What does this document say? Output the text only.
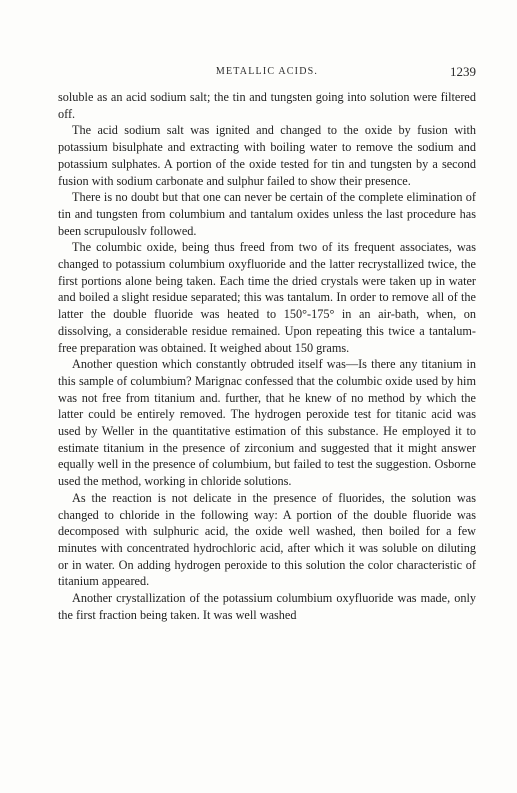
METALLIC ACIDS.	1239

soluble as an acid sodium salt; the tin and tungsten going into solution were filtered off.

The acid sodium salt was ignited and changed to the oxide by fusion with potassium bisulphate and extracting with boiling water to remove the sodium and potassium sulphates. A portion of the oxide tested for tin and tungsten by a second fusion with sodium carbonate and sulphur failed to show their presence.

There is no doubt but that one can never be certain of the complete elimination of tin and tungsten from columbium and tantalum oxides unless the last procedure has been scrupulouslv followed.

The columbic oxide, being thus freed from two of its frequent associates, was changed to potassium columbium oxyfluoride and the latter recrystallized twice, the first portions alone being taken. Each time the dried crystals were taken up in water and boiled a slight residue separated; this was tantalum. In order to remove all of the latter the double fluoride was heated to 150°-175° in an air-bath, when, on dissolving, a considerable residue remained. Upon repeating this twice a tantalum-free preparation was obtained. It weighed about 150 grams.

Another question which constantly obtruded itself was—Is there any titanium in this sample of columbium? Marignac confessed that the columbic oxide used by him was not free from titanium and. further, that he knew of no method by which the latter could be entirely removed. The hydrogen peroxide test for titanic acid was used by Weller in the quantitative estimation of this substance. He employed it to estimate titanium in the presence of zirconium and suggested that it might answer equally well in the presence of columbium, but failed to test the suggestion. Osborne used the method, working in chloride solutions.

As the reaction is not delicate in the presence of fluorides, the solution was changed to chloride in the following way: A portion of the double fluoride was decomposed with sulphuric acid, the oxide well washed, then boiled for a few minutes with concentrated hydrochloric acid, after which it was soluble on diluting or in water. On adding hydrogen peroxide to this solution the color characteristic of titanium appeared.

Another crystallization of the potassium columbium oxyfluoride was made, only the first fraction being taken. It was well washed
